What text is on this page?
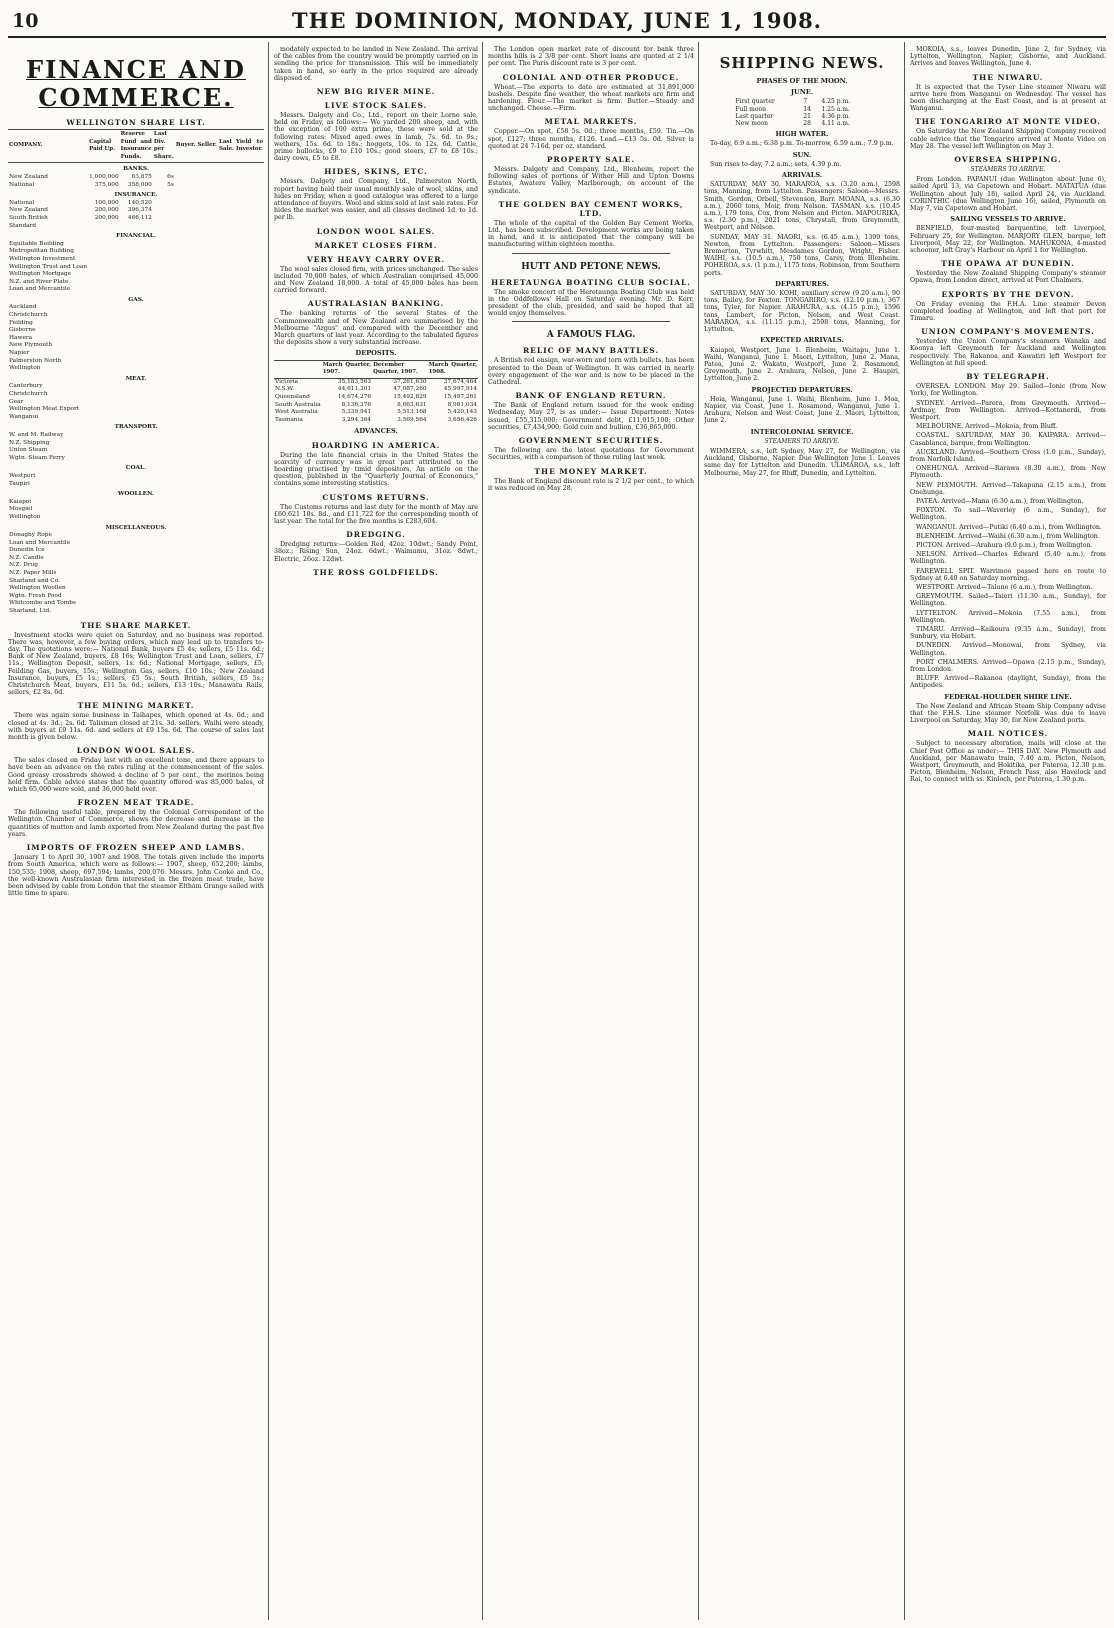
10	THE DOMINION, MONDAY, JUNE 1, 1908.
FINANCE AND COMMERCE.
WELLINGTON SHARE LIST.
COMPANY.	Capital Paid Up.	Reserve Fund and Insurance Funds.	Last Div. per Share.	Buyer.	Seller.	Last Sale.	Yield to Investor.
BANKS.							
New Zealand	1,000,000	63,875	6s				
National	375,000	358,000	5s				
INSURANCE.							
National	100,000	140,520					
New Zealand	200,000	396,374					
South British	200,000	466,112					
Standard							
FINANCIAL.							
Equitable Building							
Metropolitan Building							
Wellington Investment							
Wellington Trust and Loan							
Wellington Mortgage							
N.Z. and River Plate							
Loan and Mercantile							
GAS.							
Auckland							
Christchurch							
Feilding							
Gisborne							
Hawera							
New Plymouth							
Napier							
Palmerston North							
Wellington							
MEAT.							
Canterbury							
Christchurch							
Gear							
Wellington Meat Export							
Wanganui							
TRANSPORT.							
W. and M. Railway							
N.Z. Shipping							
Union Steam							
Wgtn. Steam Ferry							
COAL.							
Westport							
Taupiri							
WOOLLEN.							
Kaiapoi							
Mosgiel							
Wellington							
MISCELLANEOUS.							
Donaghy Rope							
Loan and Mercantile							
Dunedin Ice							
N.Z. Candle							
N.Z. Drug							
N.Z. Paper Mills							
Sharland and Co.							
Wellington Woollen							
Wgtn. Fresh Food							
Whitcombe and Tombs							
Sharland, Ltd.							
THE SHARE MARKET.

Investment stocks were quiet on Saturday, and no business was reported. There was, however, a few buying orders, which may lead up to transfers to-day. The quotations were:— National Bank, buyers £5 4s; sellers, £5 11s. 6d.; Bank of New Zealand, buyers, £8 16s; Wellington Trust and Loan, sellers, £7 11s.; Wellington Deposit, sellers, 1s. 6d.; National Mortgage, sellers, £5; Feilding Gas, buyers, 15s.; Wellington Gas, sellers, £10 10s.; New Zealand Insurance, buyers, £5 1s.; sellers, £5 5s.; South British, sellers, £5 5s.; Christchurch Meat, buyers, £11 5s. 6d.; sellers, £13 10s.; Manawatu Rails, sellers, £2 8s. 6d.

THE MINING MARKET.

There was again some business in Taihapes, which opened at 4s. 6d.; and closed at 4s. 3d.; 2s. 6d. Talisman closed at 21s. 3d. sellers. Waihi were steady, with buyers at £9 11s. 6d. and sellers at £9 15s. 6d. The course of sales last month is given below.

LONDON WOOL SALES.

The sales closed on Friday last with an excellent tone, and there appears to have been an advance on the rates ruling at the commencement of the sales. Good greasy crossbreds showed a decline of 5 per cent., the merinos being held firm. Cable advice states that the quantity offered was 85,000 bales, of which 65,000 were sold, and 36,000 held over.

FROZEN MEAT TRADE.

The following useful table, prepared by the Colonial Correspondent of the Wellington Chamber of Commerce, shows the decrease and increase in the quantities of mutton and lamb exported from New Zealand during the past five years.

IMPORTS OF FROZEN SHEEP AND LAMBS.

January 1 to April 30, 1907 and 1908. The totals given include the imports from South America, which were as follows:— 1907, sheep, 652,200; lambs, 150,535; 1908, sheep, 697,594; lambs, 200,076. Messrs. John Cooke and Co., the well-known Australasian firm interested in the frozen meat trade, have been advised by cable from London that the steamer Eltham Grange sailed with little time to spare.

modately expected to be landed in New Zealand. The arrival of the cables from the country would be promptly carried on in sending the price for transmission. This will be immediately taken in hand, so early in the price required are already disposed of.

NEW BIG RIVER MINE.
LIVE STOCK SALES.

Messrs. Dalgety and Co., Ltd., report on their Lorne sale, held on Friday, as follows:— We yarded 200 sheep, and, with the exception of 100 extra prime, these were sold at the following rates: Mixed aged ewes in lamb, 7s. 6d. to 9s.; wethers, 15s. 6d. to 18s.; hoggets, 10s. to 12s. 6d. Cattle, prime bullocks, £9 to £10 10s.; good steers, £7 to £8 10s.; dairy cows, £5 to £8.

HIDES, SKINS, ETC.

Messrs. Dalgety and Company, Ltd., Palmerston North, report having held their usual monthly sale of wool, skins, and hides on Friday, when a good catalogue was offered to a large attendance of buyers. Wool and skins sold at last sale rates. For hides the market was easier, and all classes declined 1d. to 1d. per lb.

LONDON WOOL SALES.
MARKET CLOSES FIRM.
VERY HEAVY CARRY OVER.

The wool sales closed firm, with prices unchanged. The sales included 70,000 bales, of which Australian comprised 45,000 and New Zealand 18,000. A total of 45,000 bales has been carried forward.

AUSTRALASIAN BANKING.

The banking returns of the several States of the Commonwealth and of New Zealand are summarised by the Melbourne "Argus" and compared with the December and March quarters of last year. According to the tabulated figures the deposits show a very substantial increase.

DEPOSITS.
	March Quarter, 1907.	December Quarter, 1907.	March Quarter, 1908.
Victoria	35,183,563	37,261,630	37,674,464
N.S.W.	44,611,301	47,087,260	45,997,914
Queensland	14,674,276	15,492,829	15,497,261
South Australia	8,136,376	8,663,631	8,981,034
West Australia	5,339,941	5,513,168	5,420,143
Tasmania	3,294,364	3,569,564	3,656,426
ADVANCES.
HOARDING IN AMERICA.

During the late financial crisis in the United States the scarcity of currency was in great part attributed to the hoarding practised by timid depositors. An article on the question, published in the "Quarterly Journal of Economics," contains some interesting statistics.

CUSTOMS RETURNS.

The Customs returns and last duty for the month of May are £60,621 18s. 8d., and £11,722 for the corresponding month of last year. The total for the five months is £283,604.

DREDGING.

Dredging returns:—Golden Red, 42oz. 10dwt.; Sandy Point, 38oz.; Rising Sun, 24oz. 6dwt.; Waimumu, 31oz. 8dwt.; Electric, 26oz. 12dwt.

THE ROSS GOLDFIELDS.

The London open market rate of discount for bank three months bills is 2 3/8 per cent. Short loans are quoted at 2 1/4 per cent. The Paris discount rate is 3 per cent.

COLONIAL AND OTHER PRODUCE.

Wheat.—The exports to date are estimated at 31,891,000 bushels. Despite fine weather, the wheat markets are firm and hardening. Flour.—The market is firm. Butter.—Steady and unchanged. Cheese.—Firm.

METAL MARKETS.

Copper.—On spot, £58 5s. 0d.; three months, £59. Tin.—On spot, £127; three months, £126. Lead.—£13 5s. 0d. Silver is quoted at 24 7-16d. per oz. standard.

PROPERTY SALE.

Messrs. Dalgety and Company, Ltd., Blenheim, report the following sales of portions of Wither Hill and Upton Downs Estates, Awatere Valley, Marlborough, on account of the syndicate.

THE GOLDEN BAY CEMENT WORKS, LTD.

The whole of the capital of the Golden Bay Cement Works, Ltd., has been subscribed. Development works are being taken in hand, and it is anticipated that the company will be manufacturing within eighteen months.

HUTT AND PETONE NEWS.
HERETAUNGA BOATING CLUB SOCIAL.

The smoke concert of the Heretaunga Boating Club was held in the Oddfellows' Hall on Saturday evening. Mr. D. Kerr, president of the club, presided, and said he hoped that all would enjoy themselves.

A FAMOUS FLAG.
RELIC OF MANY BATTLES.

A British red ensign, war-worn and torn with bullets, has been presented to the Dean of Wellington. It was carried in nearly every engagement of the war and is now to be placed in the Cathedral.

BANK OF ENGLAND RETURN.

The Bank of England return issued for the week ending Wednesday, May 27, is as under:— Issue Department: Notes issued, £55,315,000; Government debt, £11,015,100; Other securities, £7,434,900; Gold coin and bullion, £36,865,000.

GOVERNMENT SECURITIES.

The following are the latest quotations for Government Securities, with a comparison of those ruling last week.

THE MONEY MARKET.

The Bank of England discount rate is 2 1/2 per cent., to which it was reduced on May 28.

SHIPPING NEWS.
PHASES OF THE MOON.
JUNE.
First quarter	7	4.25 p.m.
Full moon	14	1.25 a.m.
Last quarter	21	4.36 p.m.
New moon	28	4.11 a.m.
HIGH WATER.

To-day, 6.9 a.m.; 6.38 p.m. To-morrow, 6.59 a.m.; 7.9 p.m.

SUN.

Sun rises to-day, 7.2 a.m.; sets, 4.39 p.m.

ARRIVALS.

SATURDAY, MAY 30. MARAROA, s.s. (3.20 a.m.), 2598 tons, Manning, from Lyttelton. Passengers: Saloon—Messrs. Smith, Gordon, Orbell, Stevenson, Barr. MOANA, s.s. (6.30 a.m.), 2060 tons, Moir, from Nelson. TASMAN, s.s. (10.45 a.m.), 179 tons, Cox, from Nelson and Picton. MAPOURIKA, s.s. (2.30 p.m.), 2021 tons, Chrystall, from Greymouth, Westport, and Nelson.

SUNDAY, MAY 31. MAORI, s.s. (6.45 a.m.), 1399 tons, Newton, from Lyttelton. Passengers: Saloon—Misses Bremerton, Tyrwhitt, Mesdames Gordon, Wright, Fisher. WAIHI, s.s. (10.5 a.m.), 750 tons, Carey, from Blenheim. POHEROA, s.s. (1 p.m.), 1175 tons, Robinson, from Southern ports.

DEPARTURES.

SATURDAY, MAY 30. KOHI, auxiliary screw (9.20 a.m.), 90 tons, Bailey, for Foxton. TONGARIRO, s.s. (12.10 p.m.), 367 tons, Tyler, for Napier. ARAHURA, s.s. (4.15 p.m.), 1596 tons, Lambert, for Picton, Nelson, and West Coast. MARAROA, s.s. (11.15 p.m.), 2598 tons, Manning, for Lyttelton.

EXPECTED ARRIVALS.

Kaiapoi, Westport, June 1. Blenheim, Waitapu, June 1. Waihi, Wanganui, June 1. Maori, Lyttelton, June 2. Mana, Patea, June 2. Wakatu, Westport, June 2. Rosamond, Greymouth, June 2. Arahura, Nelson, June 2. Haupiri, Lyttelton, June 2.

PROJECTED DEPARTURES.

Hoia, Wanganui, June 1. Waihi, Blenheim, June 1. Moa, Napier, via Coast, June 1. Rosamond, Wanganui, June 1. Arahura, Nelson and West Coast, June 2. Maori, Lyttelton, June 2.

INTERCOLONIAL SERVICE.
STEAMERS TO ARRIVE.

WIMMERA, s.s., left Sydney, May 27, for Wellington, via Auckland, Gisborne, Napier. Due Wellington June 1. Leaves same day for Lyttelton and Dunedin. ULIMAROA, s.s., left Melbourne, May 27, for Bluff, Dunedin, and Lyttelton.

MOKOIA, s.s., leaves Dunedin, June 2, for Sydney, via Lyttelton, Wellington, Napier, Gisborne, and Auckland. Arrives and leaves Wellington, June 4.

THE NIWARU.

It is expected that the Tyser Line steamer Niwaru will arrive here from Wanganui on Wednesday. The vessel has been discharging at the East Coast, and is at present at Wanganui.

THE TONGARIRO AT MONTE VIDEO.

On Saturday the New Zealand Shipping Company received cable advice that the Tongariro arrived at Monte Video on May 28. The vessel left Wellington on May 3.

OVERSEA SHIPPING.
STEAMERS TO ARRIVE.

From London. PAPANUI (due Wellington about June 6), sailed April 13, via Capetown and Hobart. MATATUA (due Wellington about July 18), sailed April 24, via Auckland. CORINTHIC (due Wellington June 16), sailed, Plymouth on May 7, via Capetown and Hobart.

SAILING VESSELS TO ARRIVE.

BENFIELD, four-masted barquentine, left Liverpool, February 25, for Wellington. MARJORY GLEN, barque, left Liverpool, May 22, for Wellington. MAHUKONA, 4-masted schooner, left Gray's Harbour on April 1 for Wellington.

THE OPAWA AT DUNEDIN.

Yesterday the New Zealand Shipping Company's steamer Opawa, from London direct, arrived at Port Chalmers.

EXPORTS BY THE DEVON.

On Friday evening the F.H.A. Line steamer Devon completed loading at Wellington, and left that port for Timaru.

UNION COMPANY'S MOVEMENTS.

Yesterday the Union Company's steamers Wanaka and Koonya left Greymouth for Auckland and Wellington respectively. The Rakanoa and Kawatiri left Westport for Wellington at full speed.

BY TELEGRAPH.

OVERSEA. LONDON. May 29. Sailed—Ionic (from New York), for Wellington.

SYDNEY. Arrived—Parera, from Greymouth. Arrived—Ardmay, from Wellington. Arrived—Kottanerdi, from Westport.

MELBOURNE. Arrived—Mokoia, from Bluff.

COASTAL. SATURDAY, MAY 30. KAIPARA. Arrived—Casablanca, barque, from Wellington.

AUCKLAND. Arrived—Southern Cross (1.0 p.m., Sunday), from Norfolk Island.

ONEHUNGA. Arrived—Rarawa (8.30 a.m.), from New Plymouth.

NEW PLYMOUTH. Arrived—Takapuna (2.15 a.m.), from Onehunga.

PATEA. Arrived—Mana (6.30 a.m.), from Wellington.

FOXTON. To sail—Waverley (6 a.m., Sunday), for Wellington.

WANGANUI. Arrived—Putiki (6.40 a.m.), from Wellington.

BLENHEIM. Arrived—Waihi (6.30 a.m.), from Wellington.

PICTON. Arrived—Arahura (9.0 p.m.), from Wellington.

NELSON. Arrived—Charles Edward (5.40 a.m.), from Wellington.

FAREWELL SPIT. Warrimoo passed here en route to Sydney at 6.40 on Saturday morning.

WESTPORT. Arrived—Talune (6 a.m.), from Wellington.

GREYMOUTH. Sailed—Taieri (11.30 a.m., Sunday), for Wellington.

LYTTELTON. Arrived—Mokoia (7.55 a.m.), from Wellington.

TIMARU. Arrived—Kaikoura (9.35 a.m., Sunday), from Sunbury, via Hobart.

DUNEDIN. Arrived—Monowai, from Sydney, via Wellington.

PORT CHALMERS. Arrived—Opawa (2.15 p.m., Sunday), from London.

BLUFF. Arrived—Rakanoa (daylight, Sunday), from the Antipodes.

FEDERAL-HOULDER SHIRE LINE.

The New Zealand and African Steam Ship Company advise that the F.H.S. Line steamer Norfolk was due to leave Liverpool on Saturday, May 30, for New Zealand ports.

MAIL NOTICES.

Subject to necessary alteration, mails will close at the Chief Post Office as under:— THIS DAY. New Plymouth and Auckland, per Manawatu train, 7.40 a.m. Picton, Nelson, Westport, Greymouth, and Hokitika, per Pateroa, 12.30 p.m. Picton, Blenheim, Nelson, French Pass, also Havelock and Rai, to connect with ss. Kinloch, per Pateroa, 1.30 p.m.
